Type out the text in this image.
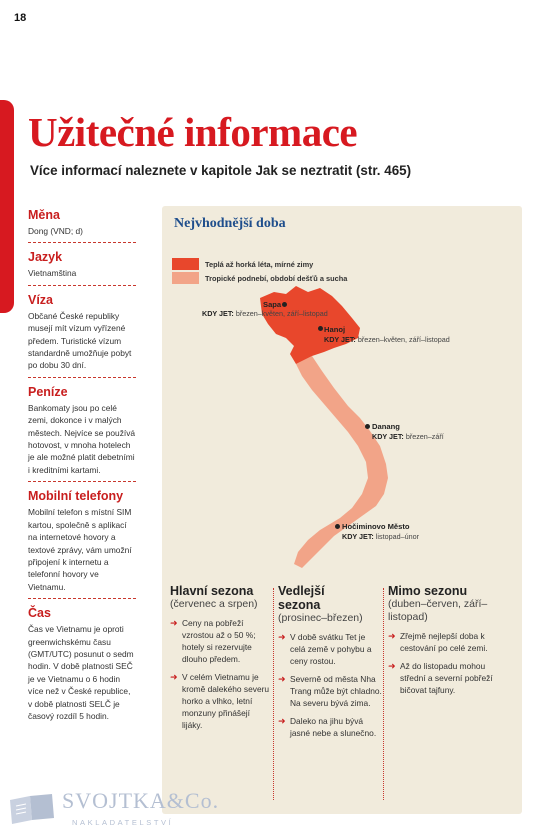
18
Užitečné informace
Více informací naleznete v kapitole Jak se neztratit (str. 465)
Měna
Dong (VND; d)
Jazyk
Vietnamština
Víza
Občané České republiky musejí mít vízum vyřízené předem. Turistické vízum standardně umožňuje pobyt po dobu 30 dní.
Peníze
Bankomaty jsou po celé zemi, dokonce i v malých městech. Nejvíce se používá hotovost, v mnoha hotelech je ale možné platit debetními i kreditními kartami.
Mobilní telefony
Mobilní telefon s místní SIM kartou, společně s aplikací na internetové hovory a textové zprávy, vám umožní připojení k internetu a telefonní hovory ve Vietnamu.
Čas
Čas ve Vietnamu je oproti greenwichskému času (GMT/UTC) posunut o sedm hodin. V době platnosti SEČ je ve Vietnamu o 6 hodin více než v České republice, v době platnosti SELČ je časový rozdíl 5 hodin.
Nejvhodnější doba
Teplá až horká léta, mírné zimy
Tropické podnebí, období dešťů a sucha
Sapa
KDY JET: březen–květen, září–listopad
Hanoj
KDY JET: březen–květen, září–listopad
Danang
KDY JET: březen–září
Hočiminovo Město
KDY JET: listopad–únor
Hlavní sezona
(červenec a srpen)
➜ Ceny na pobřeží vzrostou až o 50 %; hotely si rezervujte dlouho předem.
➜ V celém Vietnamu je kromě dalekého severu horko a vlhko, letní monzuny přinášejí lijáky.
Vedlejší sezona
(prosinec–březen)
➜ V době svátku Tet je celá země v pohybu a ceny rostou.
➜ Severně od města Nha Trang může být chladno. Na severu bývá zima.
➜ Daleko na jihu bývá jasné nebe a slunečno.
Mimo sezonu
(duben–červen, září–listopad)
➜ Zřejmě nejlepší doba k cestování po celé zemi.
➜ Až do listopadu mohou střední a severní pobřeží bičovat tajfuny.
SVOJTKA&Co.
NAKLADATELSTVÍ
